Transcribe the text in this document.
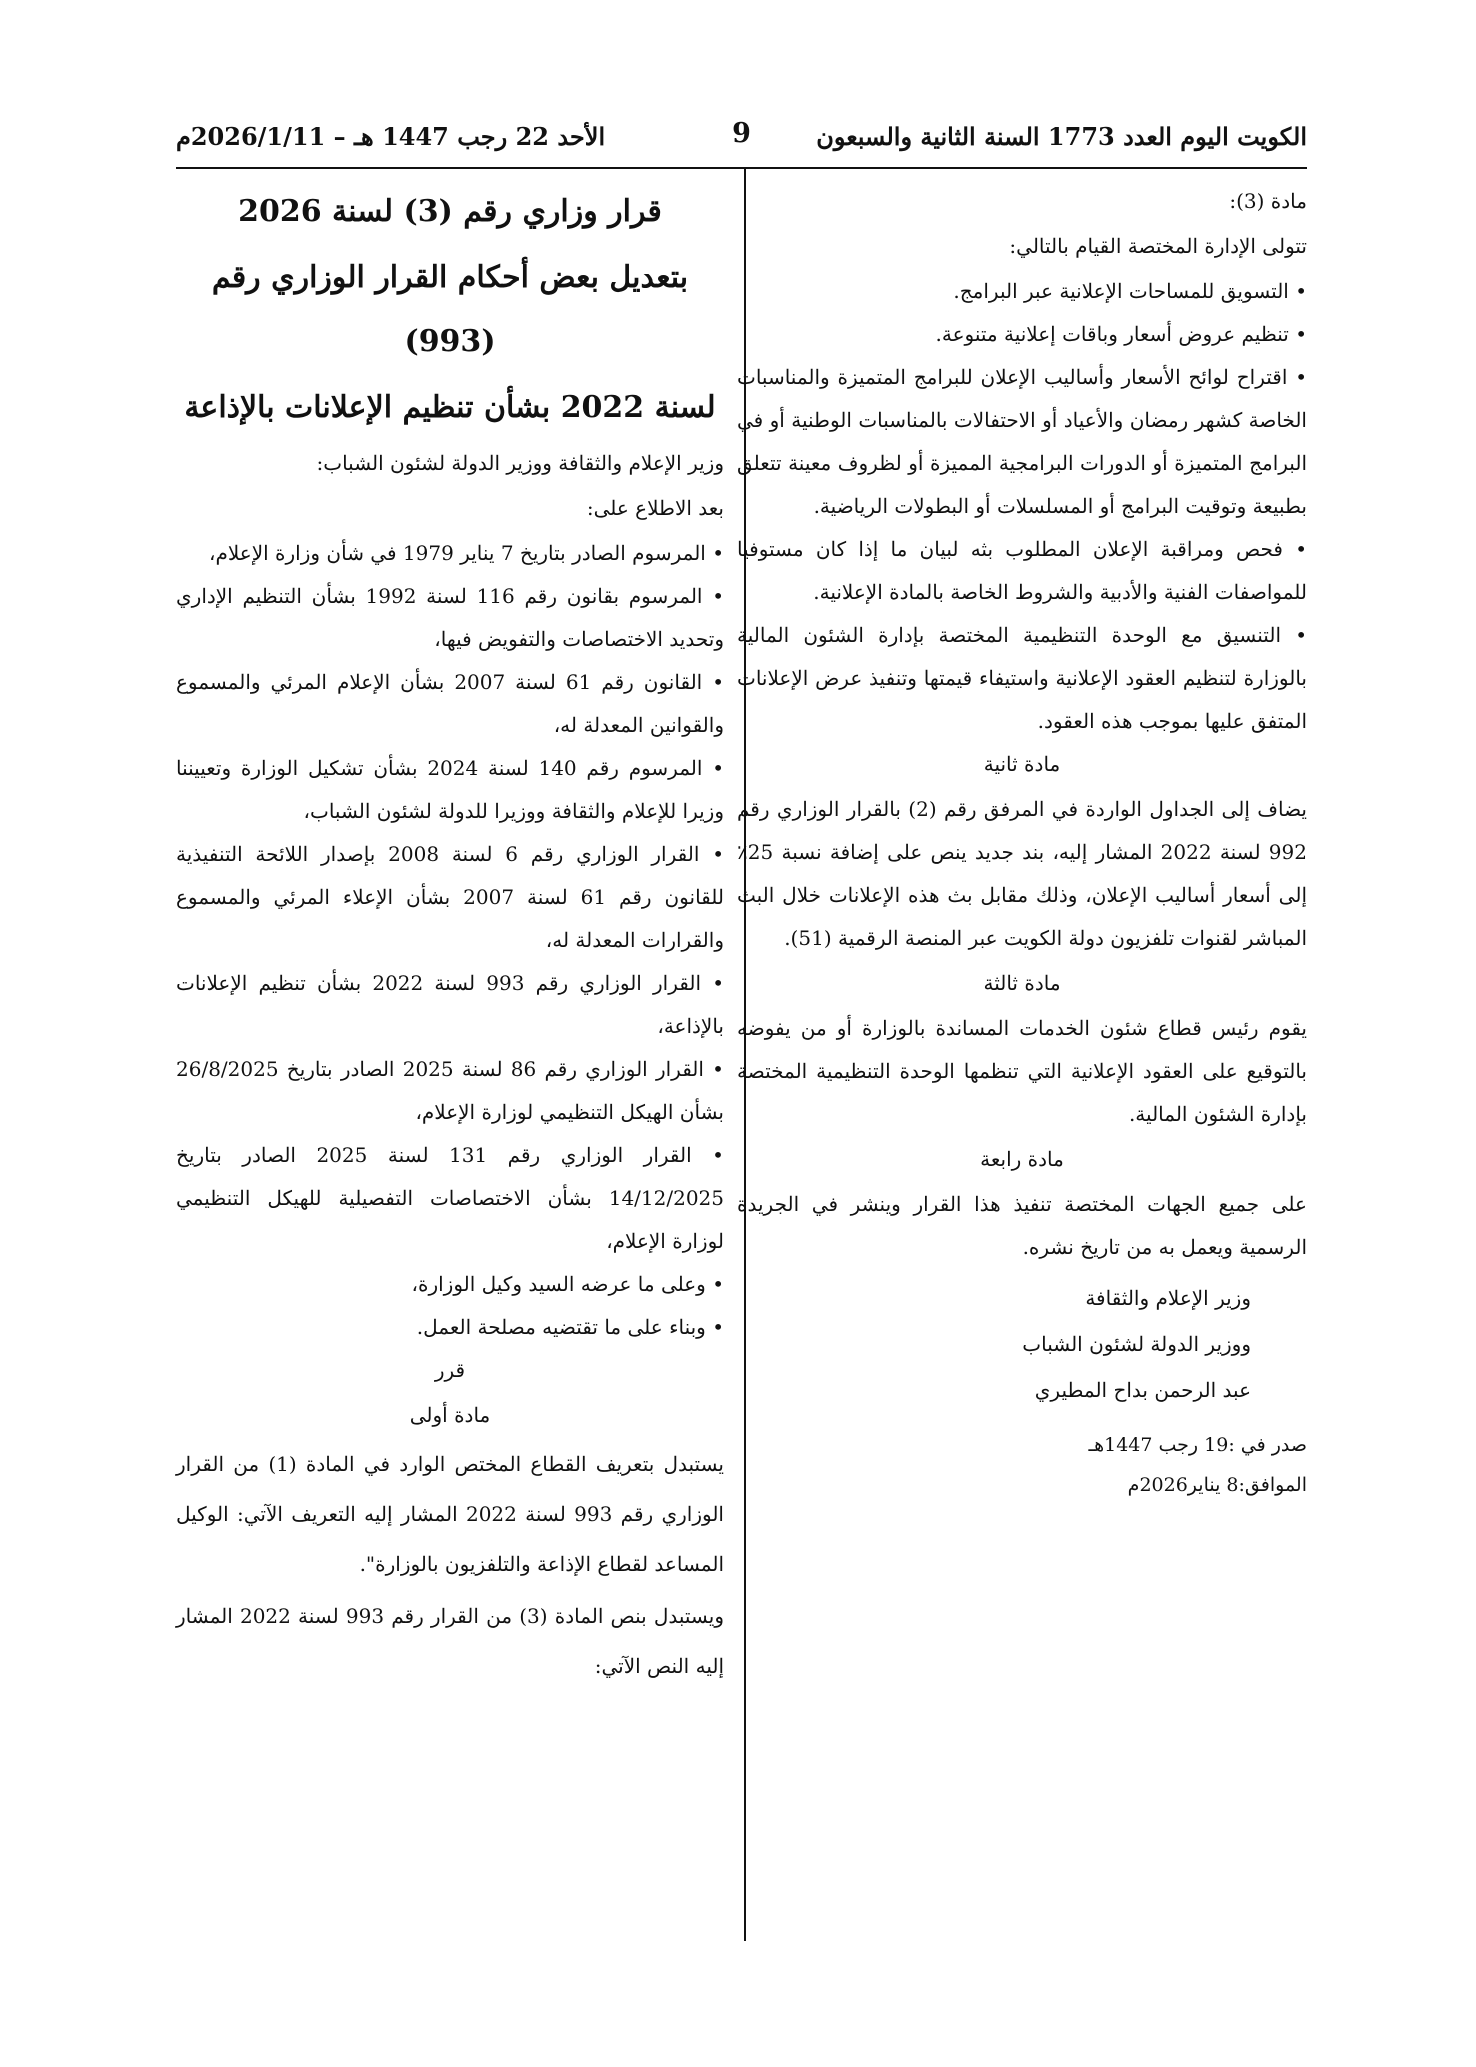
الكويت اليوم العدد 1773 السنة الثانية والسبعون
9
الأحد 22 رجب 1447 هـ – 2026/1/11م

مادة (3):

تتولى الإدارة المختصة القيام بالتالي:

• التسويق للمساحات الإعلانية عبر البرامج.

• تنظيم عروض أسعار وباقات إعلانية متنوعة.

• اقتراح لوائح الأسعار وأساليب الإعلان للبرامج المتميزة والمناسبات الخاصة كشهر رمضان والأعياد أو الاحتفالات بالمناسبات الوطنية أو في البرامج المتميزة أو الدورات البرامجية المميزة أو لظروف معينة تتعلق بطبيعة وتوقيت البرامج أو المسلسلات أو البطولات الرياضية.

• فحص ومراقبة الإعلان المطلوب بثه لبيان ما إذا كان مستوفيا للمواصفات الفنية والأدبية والشروط الخاصة بالمادة الإعلانية.

• التنسيق مع الوحدة التنظيمية المختصة بإدارة الشئون المالية بالوزارة لتنظيم العقود الإعلانية واستيفاء قيمتها وتنفيذ عرض الإعلانات المتفق عليها بموجب هذه العقود.

مادة ثانية

يضاف إلى الجداول الواردة في المرفق رقم (2) بالقرار الوزاري رقم 992 لسنة 2022 المشار إليه، بند جديد ينص على إضافة نسبة 25٪ إلى أسعار أساليب الإعلان، وذلك مقابل بث هذه الإعلانات خلال البث المباشر لقنوات تلفزيون دولة الكويت عبر المنصة الرقمية (51).

مادة ثالثة

يقوم رئيس قطاع شئون الخدمات المساندة بالوزارة أو من يفوضه بالتوقيع على العقود الإعلانية التي تنظمها الوحدة التنظيمية المختصة بإدارة الشئون المالية.

مادة رابعة

على جميع الجهات المختصة تنفيذ هذا القرار وينشر في الجريدة الرسمية ويعمل به من تاريخ نشره.

وزير الإعلام والثقافة

ووزير الدولة لشئون الشباب

عبد الرحمن بداح المطيري

صدر في :19 رجب 1447هـ

الموافق:8 يناير2026م

قرار وزاري رقم (3) لسنة 2026

بتعديل بعض أحكام القرار الوزاري رقم (993)

لسنة 2022 بشأن تنظيم الإعلانات بالإذاعة

وزير الإعلام والثقافة ووزير الدولة لشئون الشباب:

بعد الاطلاع على:

• المرسوم الصادر بتاريخ 7 يناير 1979 في شأن وزارة الإعلام،

• المرسوم بقانون رقم 116 لسنة 1992 بشأن التنظيم الإداري وتحديد الاختصاصات والتفويض فيها،

• القانون رقم 61 لسنة 2007 بشأن الإعلام المرئي والمسموع والقوانين المعدلة له،

• المرسوم رقم 140 لسنة 2024 بشأن تشكيل الوزارة وتعييننا وزيرا للإعلام والثقافة ووزيرا للدولة لشئون الشباب،

• القرار الوزاري رقم 6 لسنة 2008 بإصدار اللائحة التنفيذية للقانون رقم 61 لسنة 2007 بشأن الإعلاء المرئي والمسموع والقرارات المعدلة له،

• القرار الوزاري رقم 993 لسنة 2022 بشأن تنظيم الإعلانات بالإذاعة،

• القرار الوزاري رقم 86 لسنة 2025 الصادر بتاريخ 26/8/2025 بشأن الهيكل التنظيمي لوزارة الإعلام،

• القرار الوزاري رقم 131 لسنة 2025 الصادر بتاريخ 14/12/2025 بشأن الاختصاصات التفصيلية للهيكل التنظيمي لوزارة الإعلام،

• وعلى ما عرضه السيد وكيل الوزارة،

• وبناء على ما تقتضيه مصلحة العمل.

قرر

مادة أولى

يستبدل بتعريف القطاع المختص الوارد في المادة (1) من القرار الوزاري رقم 993 لسنة 2022 المشار إليه التعريف الآتي: الوكيل المساعد لقطاع الإذاعة والتلفزيون بالوزارة".

ويستبدل بنص المادة (3) من القرار رقم 993 لسنة 2022 المشار إليه النص الآتي:
